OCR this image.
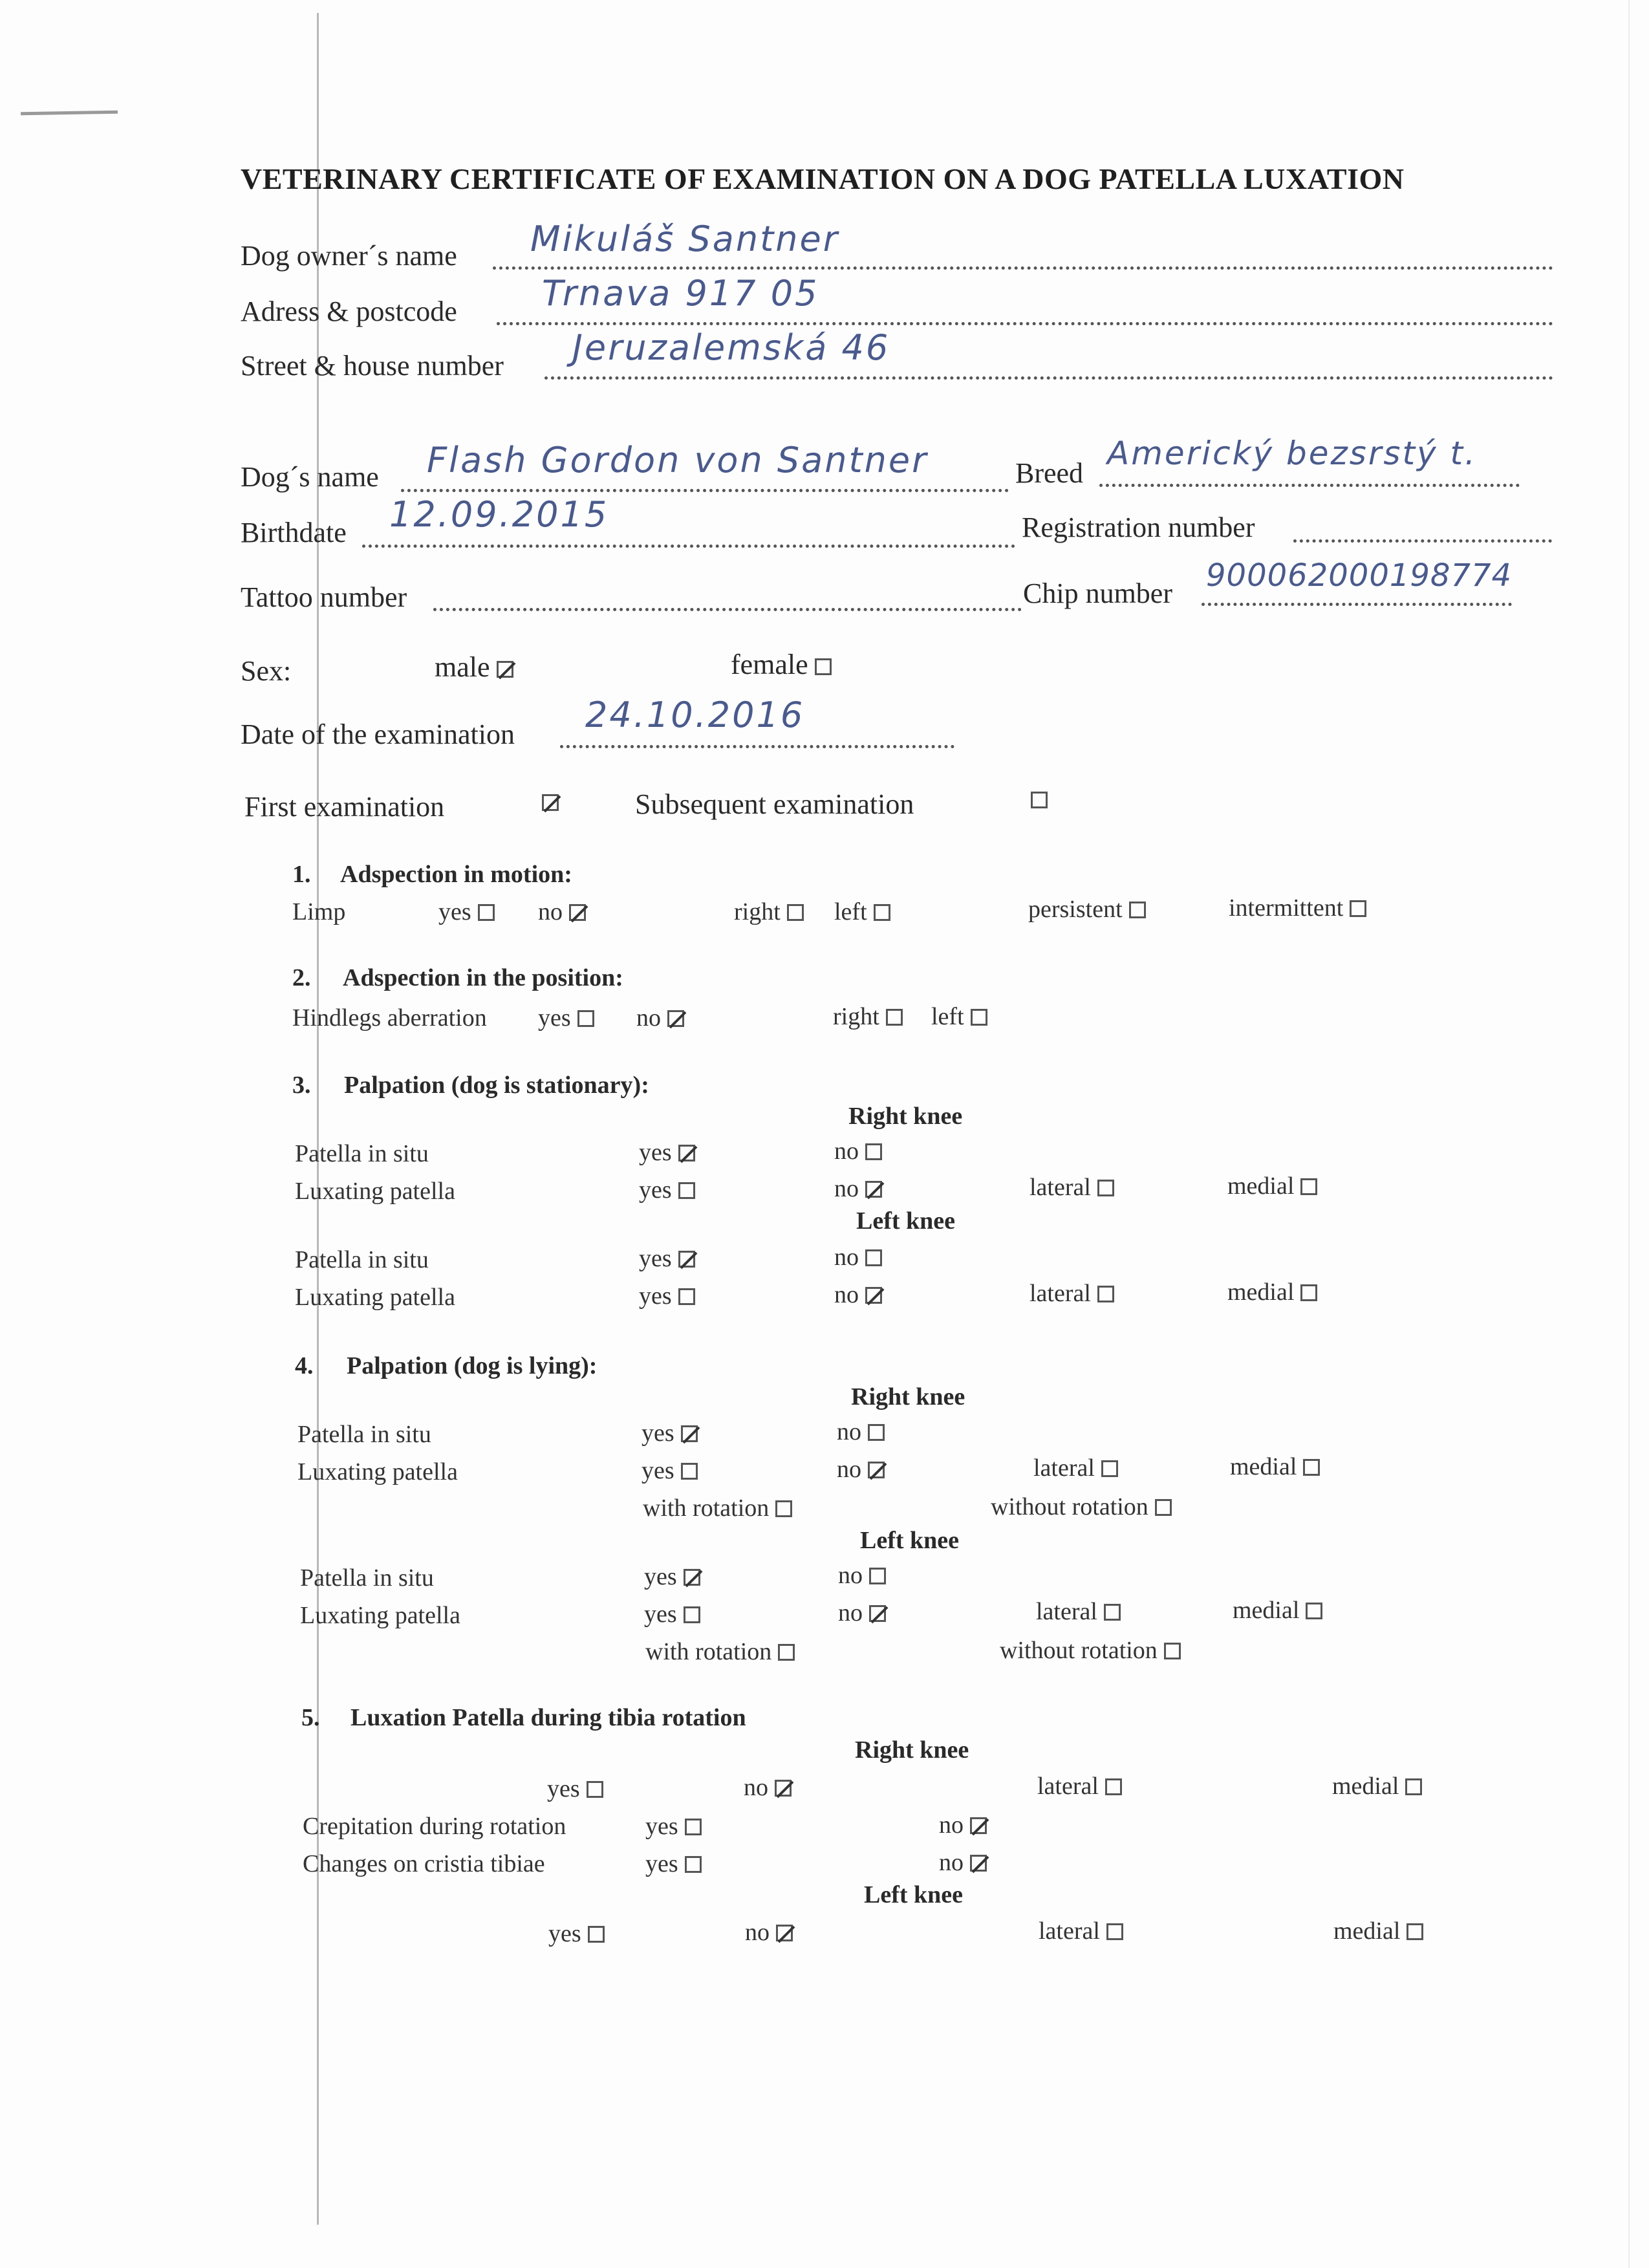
VETERINARY CERTIFICATE OF EXAMINATION ON A DOG PATELLA LUXATION
Dog owner´s name Mikuláš Santner
Adress & postcode Trnava 917 05
Street & house number Jeruzalemská 46
Dog´s name Flash Gordon von Santner	Breed
Americký bezsrstý t.
Birthdate 12.09.2015	Registration number
Tattoo number	Chip number 900062000198774
Sex:	male	female
Date of the examination 24.10.2016
First examination	Subsequent examination
1. Adspection in motion:
Limp	yes	no	right	left	persistent	intermittent
2. Adspection in the position:
Hindlegs aberration yes	no	right	left
3. Palpation (dog is stationary):
Right knee
Patella in situ	yes	no
Luxating patella	yes	no	lateral	medial
Left knee
Patella in situ	yes	no
Luxating patella	yes	no	lateral	medial
4. Palpation (dog is lying):
Right knee
Patella in situ	yes	no
Luxating patella	yes	no	lateral	medial
with rotation	without rotation
Left knee
Patella in situ	yes	no
Luxating patella	yes	no	lateral	medial
with rotation	without rotation
5. Luxation Patella during tibia rotation
Right knee
yes	no	lateral	medial
Crepitation during rotation	yes	no
Changes on cristia tibiae	yes	no
Left knee
yes	no	lateral	medial
